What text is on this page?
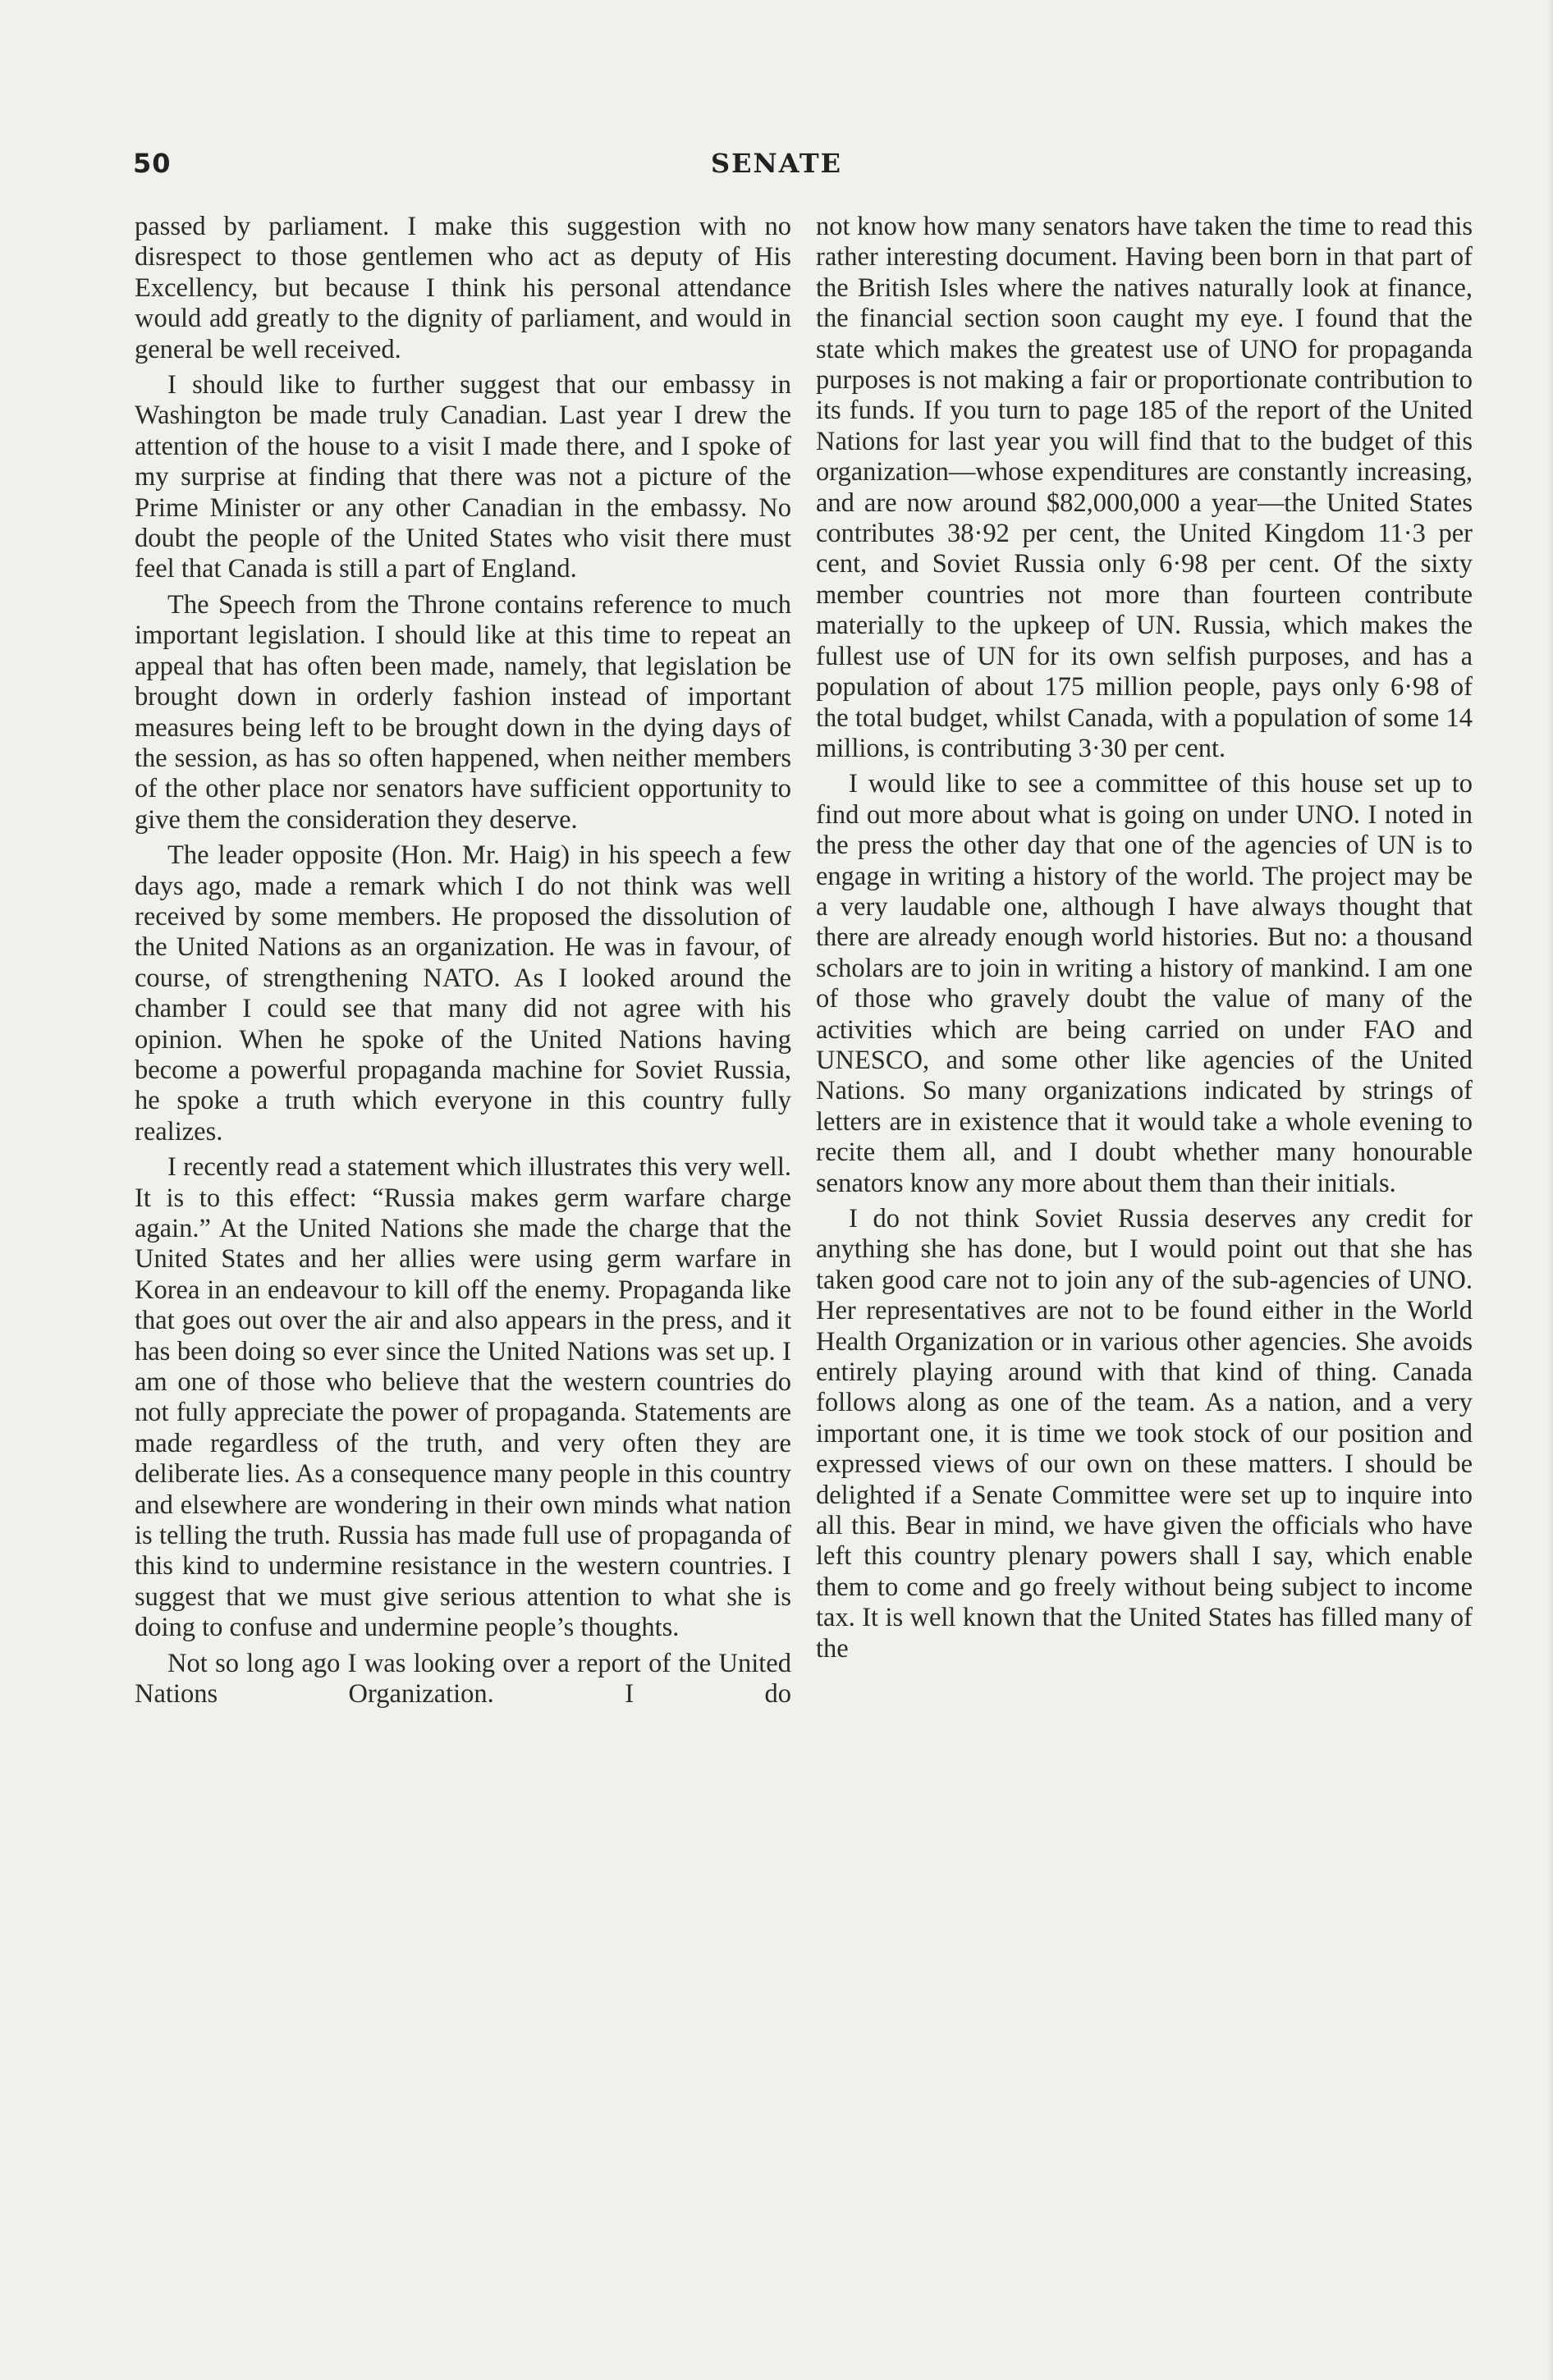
50	SENATE

passed by parliament. I make this suggestion with no disrespect to those gentlemen who act as deputy of His Excellency, but because I think his personal attendance would add greatly to the dignity of parliament, and would in general be well received.

I should like to further suggest that our embassy in Washington be made truly Canadian. Last year I drew the attention of the house to a visit I made there, and I spoke of my surprise at finding that there was not a picture of the Prime Minister or any other Canadian in the embassy. No doubt the people of the United States who visit there must feel that Canada is still a part of England.

The Speech from the Throne contains reference to much important legislation. I should like at this time to repeat an appeal that has often been made, namely, that legislation be brought down in orderly fashion instead of important measures being left to be brought down in the dying days of the session, as has so often happened, when neither members of the other place nor senators have sufficient opportunity to give them the consideration they deserve.

The leader opposite (Hon. Mr. Haig) in his speech a few days ago, made a remark which I do not think was well received by some members. He proposed the dissolution of the United Nations as an organization. He was in favour, of course, of strengthening NATO. As I looked around the chamber I could see that many did not agree with his opinion. When he spoke of the United Nations having become a powerful propaganda machine for Soviet Russia, he spoke a truth which everyone in this country fully realizes.

I recently read a statement which illustrates this very well. It is to this effect: “Russia makes germ warfare charge again.” At the United Nations she made the charge that the United States and her allies were using germ warfare in Korea in an endeavour to kill off the enemy. Propaganda like that goes out over the air and also appears in the press, and it has been doing so ever since the United Nations was set up. I am one of those who believe that the western countries do not fully appreciate the power of propaganda. Statements are made regardless of the truth, and very often they are deliberate lies. As a consequence many people in this country and elsewhere are wondering in their own minds what nation is telling the truth. Russia has made full use of propaganda of this kind to undermine resistance in the western countries. I suggest that we must give serious attention to what she is doing to confuse and undermine people’s thoughts.

Not so long ago I was looking over a report of the United Nations Organization. I do

not know how many senators have taken the time to read this rather interesting document. Having been born in that part of the British Isles where the natives naturally look at finance, the financial section soon caught my eye. I found that the state which makes the greatest use of UNO for propaganda purposes is not making a fair or proportionate contribution to its funds. If you turn to page 185 of the report of the United Nations for last year you will find that to the budget of this organization—whose expenditures are constantly increasing, and are now around $82,000,000 a year—the United States contributes 38·92 per cent, the United Kingdom 11·3 per cent, and Soviet Russia only 6·98 per cent. Of the sixty member countries not more than fourteen contribute materially to the upkeep of UN. Russia, which makes the fullest use of UN for its own selfish purposes, and has a population of about 175 million people, pays only 6·98 of the total budget, whilst Canada, with a population of some 14 millions, is contributing 3·30 per cent.

I would like to see a committee of this house set up to find out more about what is going on under UNO. I noted in the press the other day that one of the agencies of UN is to engage in writing a history of the world. The project may be a very laudable one, although I have always thought that there are already enough world histories. But no: a thousand scholars are to join in writing a history of mankind. I am one of those who gravely doubt the value of many of the activities which are being carried on under FAO and UNESCO, and some other like agencies of the United Nations. So many organizations indicated by strings of letters are in existence that it would take a whole evening to recite them all, and I doubt whether many honourable senators know any more about them than their initials.

I do not think Soviet Russia deserves any credit for anything she has done, but I would point out that she has taken good care not to join any of the sub-agencies of UNO. Her representatives are not to be found either in the World Health Organization or in various other agencies. She avoids entirely playing around with that kind of thing. Canada follows along as one of the team. As a nation, and a very important one, it is time we took stock of our position and expressed views of our own on these matters. I should be delighted if a Senate Committee were set up to inquire into all this. Bear in mind, we have given the officials who have left this country plenary powers shall I say, which enable them to come and go freely without being subject to income tax. It is well known that the United States has filled many of the
